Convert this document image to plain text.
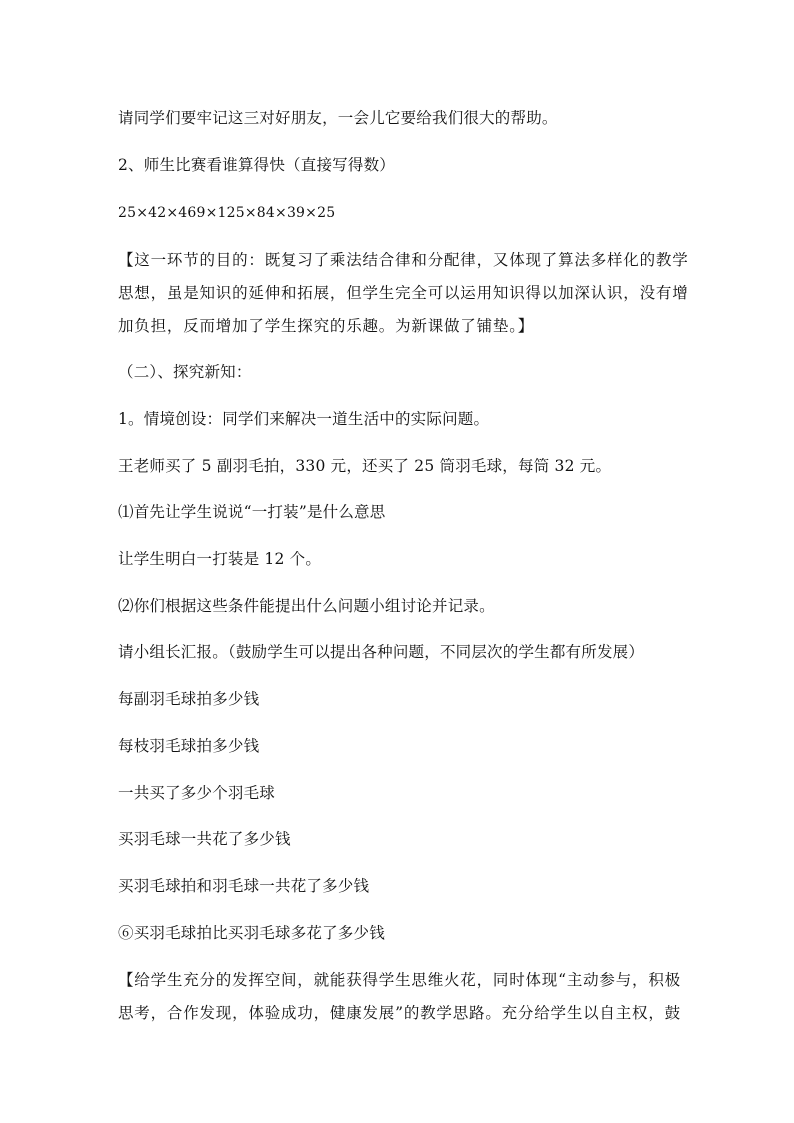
请同学们要牢记这三对好朋友，一会儿它要给我们很大的帮助。
2、师生比赛看谁算得快（直接写得数）
25×42×469×125×84×39×25
【这一环节的目的：既复习了乘法结合律和分配律，又体现了算法多样化的教学
思想，虽是知识的延伸和拓展，但学生完全可以运用知识得以加深认识，没有增
加负担，反而增加了学生探究的乐趣。为新课做了铺垫。】
（二）、探究新知：
1。情境创设：同学们来解决一道生活中的实际问题。
王老师买了 5 副羽毛拍，330 元，还买了 25 筒羽毛球，每筒 32 元。
⑴首先让学生说说“一打装”是什么意思
让学生明白一打装是 12 个。
⑵你们根据这些条件能提出什么问题小组讨论并记录。
请小组长汇报。（鼓励学生可以提出各种问题，不同层次的学生都有所发展）
每副羽毛球拍多少钱
每枝羽毛球拍多少钱
一共买了多少个羽毛球
买羽毛球一共花了多少钱
买羽毛球拍和羽毛球一共花了多少钱
⑥买羽毛球拍比买羽毛球多花了多少钱
【给学生充分的发挥空间，就能获得学生思维火花，同时体现“主动参与，积极
思考，合作发现，体验成功，健康发展”的教学思路。充分给学生以自主权，鼓
